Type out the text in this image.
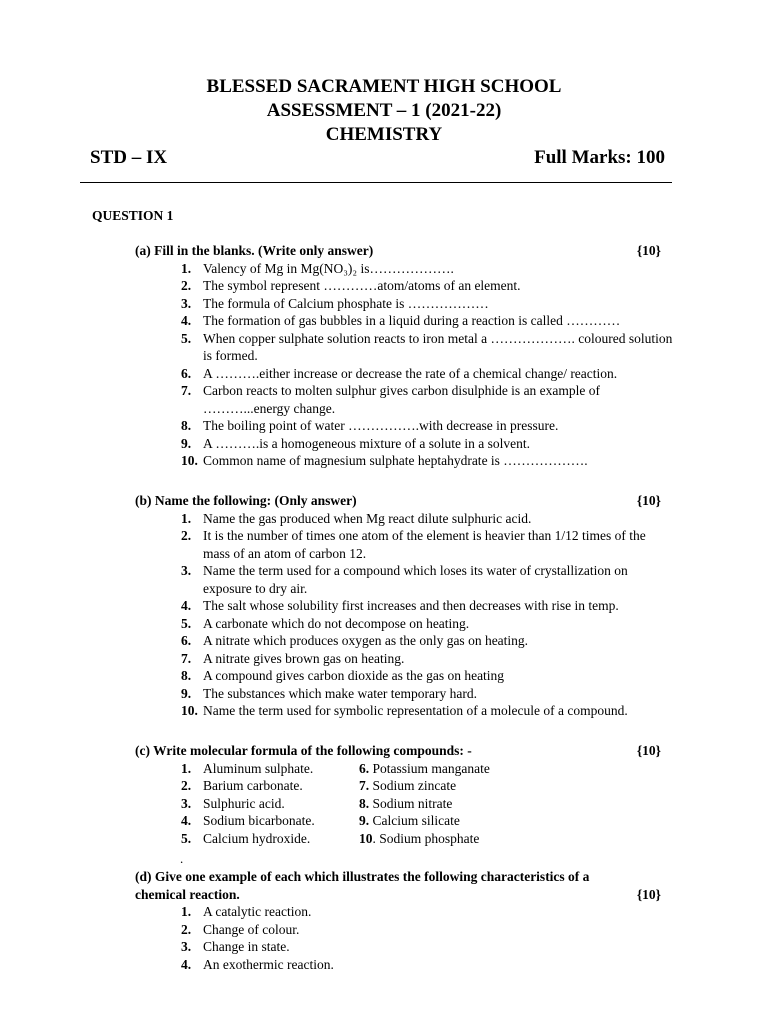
BLESSED SACRAMENT HIGH SCHOOL
ASSESSMENT – 1 (2021-22)
CHEMISTRY
STD – IX	Full Marks: 100
QUESTION 1
(a) Fill in the blanks. (Write only answer)	{10}
1. Valency of Mg in Mg(NO₃)₂ is……………….
2. The symbol represent …………atom/atoms of an element.
3. The formula of Calcium phosphate is ………………
4. The formation of gas bubbles in a liquid during a reaction is called …………
5. When copper sulphate solution reacts to iron metal a ………………. coloured solution is formed.
6. A ……….either increase or decrease the rate of a chemical change/ reaction.
7. Carbon reacts to molten sulphur gives carbon disulphide is an example of ………...energy change.
8. The boiling point of water …………….with decrease in pressure.
9. A ……….is a homogeneous mixture of a solute in a solvent.
10. Common name of magnesium sulphate heptahydrate is ……………….
(b) Name the following: (Only answer)	{10}
1. Name the gas produced when Mg react dilute sulphuric acid.
2. It is the number of times one atom of the element is heavier than 1/12 times of the mass of an atom of carbon 12.
3. Name the term used for a compound which loses its water of crystallization on exposure to dry air.
4. The salt whose solubility first increases and then decreases with rise in temp.
5. A carbonate which do not decompose on heating.
6. A nitrate which produces oxygen as the only gas on heating.
7. A nitrate gives brown gas on heating.
8. A compound gives carbon dioxide as the gas on heating
9. The substances which make water temporary hard.
10. Name the term used for symbolic representation of a molecule of a compound.
(c) Write molecular formula of the following compounds: -	{10}
1. Aluminum sulphate.
2. Barium carbonate.
3. Sulphuric acid.
4. Sodium bicarbonate.
5. Calcium hydroxide.
6. Potassium manganate
7. Sodium zincate
8. Sodium nitrate
9. Calcium silicate
10. Sodium phosphate
.
(d) Give one example of each which illustrates the following characteristics of a
chemical reaction.	{10}
1. A catalytic reaction.
2. Change of colour.
3. Change in state.
4. An exothermic reaction.
